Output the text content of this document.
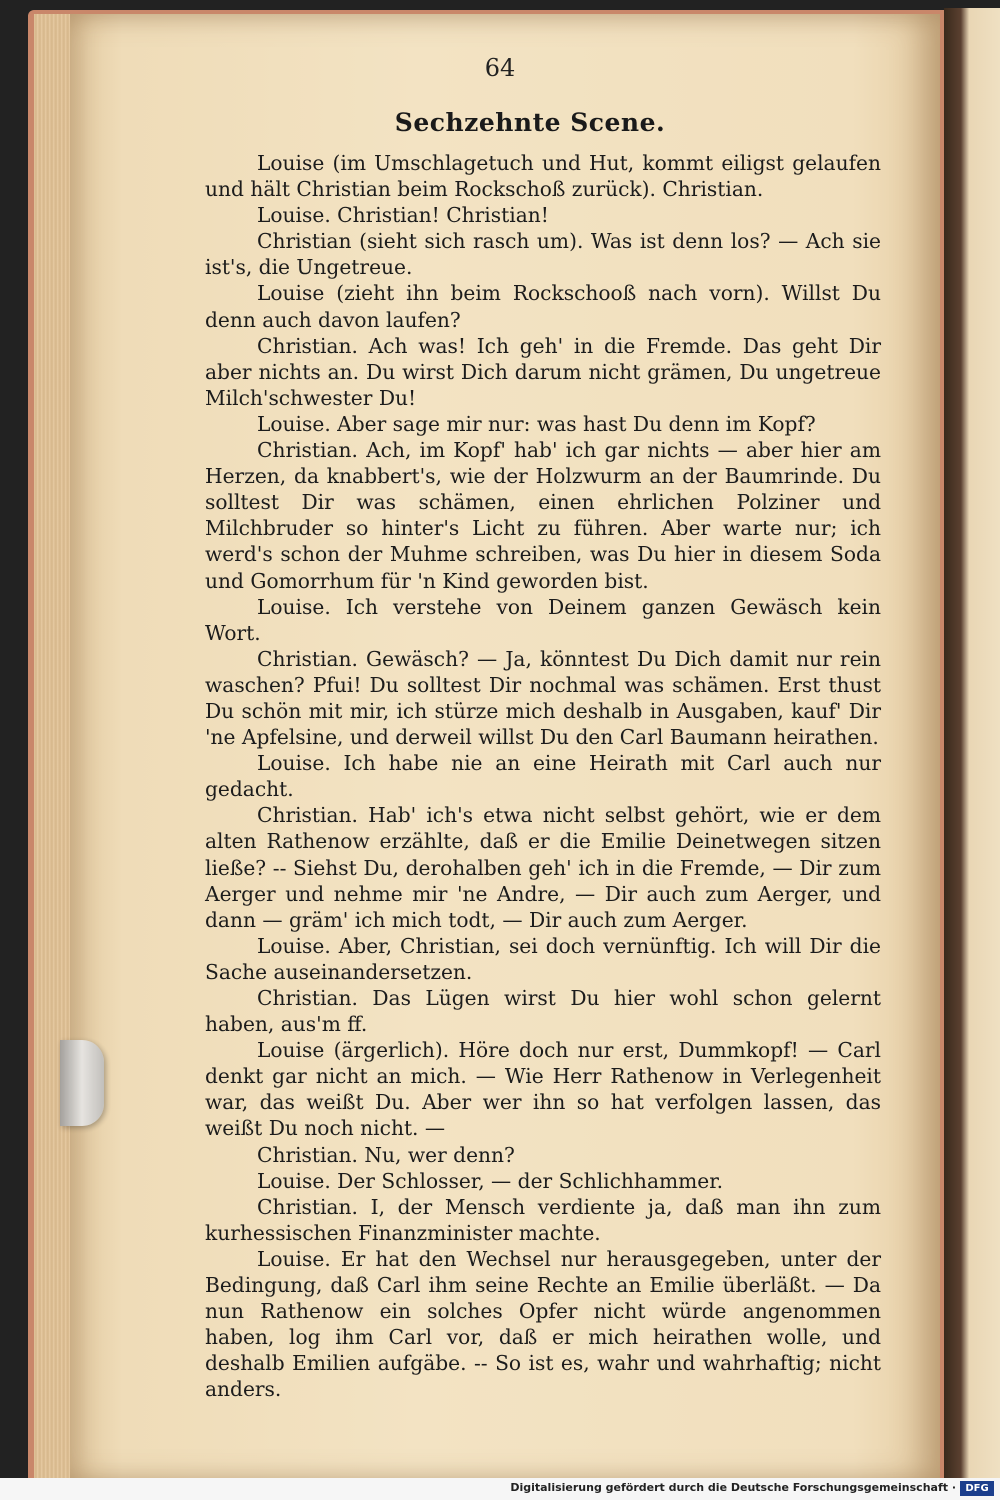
64
Sechzehnte Scene.

Louise (im Umschlagetuch und Hut, kommt eiligst gelaufen und hält Christian beim Rockschoß zurück). Christian.

Louise. Christian! Christian!

Christian (sieht sich rasch um). Was ist denn los? — Ach sie ist's, die Ungetreue.

Louise (zieht ihn beim Rockschooß nach vorn). Willst Du denn auch davon laufen?

Christian. Ach was! Ich geh' in die Fremde. Das geht Dir aber nichts an. Du wirst Dich darum nicht grämen, Du ungetreue Milch'schwester Du!

Louise. Aber sage mir nur: was hast Du denn im Kopf?

Christian. Ach, im Kopf' hab' ich gar nichts — aber hier am Herzen, da knabbert's, wie der Holzwurm an der Baumrinde. Du solltest Dir was schämen, einen ehrlichen Polziner und Milchbruder so hinter's Licht zu führen. Aber warte nur; ich werd's schon der Muhme schreiben, was Du hier in diesem Soda und Gomorrhum für 'n Kind geworden bist.

Louise. Ich verstehe von Deinem ganzen Gewäsch kein Wort.

Christian. Gewäsch? — Ja, könntest Du Dich damit nur rein waschen? Pfui! Du solltest Dir nochmal was schämen. Erst thust Du schön mit mir, ich stürze mich deshalb in Ausgaben, kauf' Dir 'ne Apfelsine, und derweil willst Du den Carl Baumann heirathen.

Louise. Ich habe nie an eine Heirath mit Carl auch nur gedacht.

Christian. Hab' ich's etwa nicht selbst gehört, wie er dem alten Rathenow erzählte, daß er die Emilie Deinetwegen sitzen ließe? -- Siehst Du, derohalben geh' ich in die Fremde, — Dir zum Aerger und nehme mir 'ne Andre, — Dir auch zum Aerger, und dann — gräm' ich mich todt, — Dir auch zum Aerger.

Louise. Aber, Christian, sei doch vernünftig. Ich will Dir die Sache auseinandersetzen.

Christian. Das Lügen wirst Du hier wohl schon gelernt haben, aus'm ff.

Louise (ärgerlich). Höre doch nur erst, Dummkopf! — Carl denkt gar nicht an mich. — Wie Herr Rathenow in Verlegenheit war, das weißt Du. Aber wer ihn so hat verfolgen lassen, das weißt Du noch nicht. —

Christian. Nu, wer denn?

Louise. Der Schlosser, — der Schlichhammer.

Christian. I, der Mensch verdiente ja, daß man ihn zum kurhessischen Finanzminister machte.

Louise. Er hat den Wechsel nur herausgegeben, unter der Bedingung, daß Carl ihm seine Rechte an Emilie überläßt. — Da nun Rathenow ein solches Opfer nicht würde angenommen haben, log ihm Carl vor, daß er mich heirathen wolle, und deshalb Emilien aufgäbe. -- So ist es, wahr und wahrhaftig; nicht anders.

Digitalisierung gefördert durch die Deutsche Forschungsgemeinschaft · DFG
